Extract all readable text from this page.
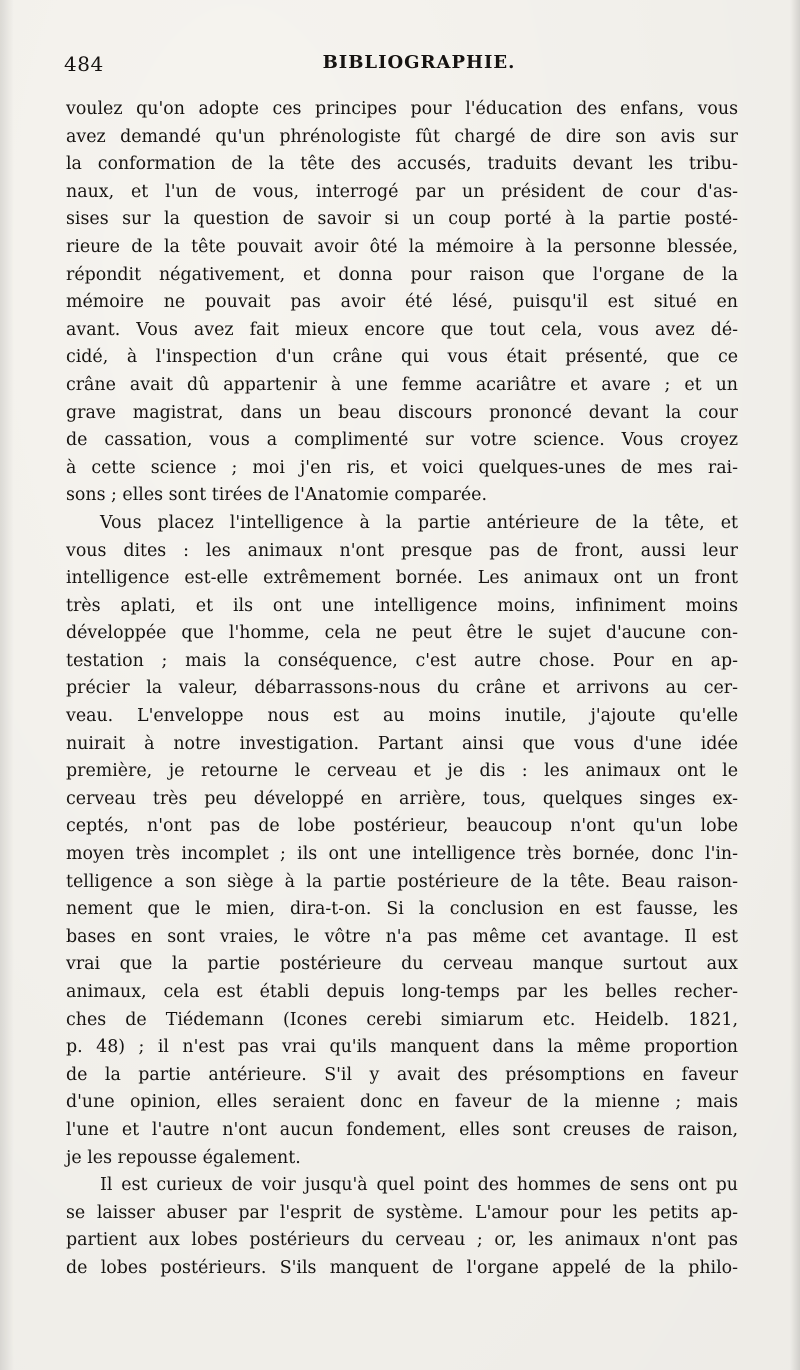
484	BIBLIOGRAPHIE.
voulez qu'on adopte ces principes pour l'éducation des enfans, vous
avez demandé qu'un phrénologiste fût chargé de dire son avis sur
la conformation de la tête des accusés, traduits devant les tribu-
naux, et l'un de vous, interrogé par un président de cour d'as-
sises sur la question de savoir si un coup porté à la partie posté-
rieure de la tête pouvait avoir ôté la mémoire à la personne blessée,
répondit négativement, et donna pour raison que l'organe de la
mémoire ne pouvait pas avoir été lésé, puisqu'il est situé en
avant. Vous avez fait mieux encore que tout cela, vous avez dé-
cidé, à l'inspection d'un crâne qui vous était présenté, que ce
crâne avait dû appartenir à une femme acariâtre et avare ; et un
grave magistrat, dans un beau discours prononcé devant la cour
de cassation, vous a complimenté sur votre science. Vous croyez
à cette science ; moi j'en ris, et voici quelques-unes de mes rai-
sons ; elles sont tirées de l'Anatomie comparée.
Vous placez l'intelligence à la partie antérieure de la tête, et
vous dites : les animaux n'ont presque pas de front, aussi leur
intelligence est-elle extrêmement bornée. Les animaux ont un front
très aplati, et ils ont une intelligence moins, infiniment moins
développée que l'homme, cela ne peut être le sujet d'aucune con-
testation ; mais la conséquence, c'est autre chose. Pour en ap-
précier la valeur, débarrassons-nous du crâne et arrivons au cer-
veau. L'enveloppe nous est au moins inutile, j'ajoute qu'elle
nuirait à notre investigation. Partant ainsi que vous d'une idée
première, je retourne le cerveau et je dis : les animaux ont le
cerveau très peu développé en arrière, tous, quelques singes ex-
ceptés, n'ont pas de lobe postérieur, beaucoup n'ont qu'un lobe
moyen très incomplet ; ils ont une intelligence très bornée, donc l'in-
telligence a son siège à la partie postérieure de la tête. Beau raison-
nement que le mien, dira-t-on. Si la conclusion en est fausse, les
bases en sont vraies, le vôtre n'a pas même cet avantage. Il est
vrai que la partie postérieure du cerveau manque surtout aux
animaux, cela est établi depuis long-temps par les belles recher-
ches de Tiédemann (Icones cerebi simiarum etc. Heidelb. 1821,
p. 48) ; il n'est pas vrai qu'ils manquent dans la même proportion
de la partie antérieure. S'il y avait des présomptions en faveur
d'une opinion, elles seraient donc en faveur de la mienne ; mais
l'une et l'autre n'ont aucun fondement, elles sont creuses de raison,
je les repousse également.
Il est curieux de voir jusqu'à quel point des hommes de sens ont pu
se laisser abuser par l'esprit de système. L'amour pour les petits ap-
partient aux lobes postérieurs du cerveau ; or, les animaux n'ont pas
de lobes postérieurs. S'ils manquent de l'organe appelé de la philo-
